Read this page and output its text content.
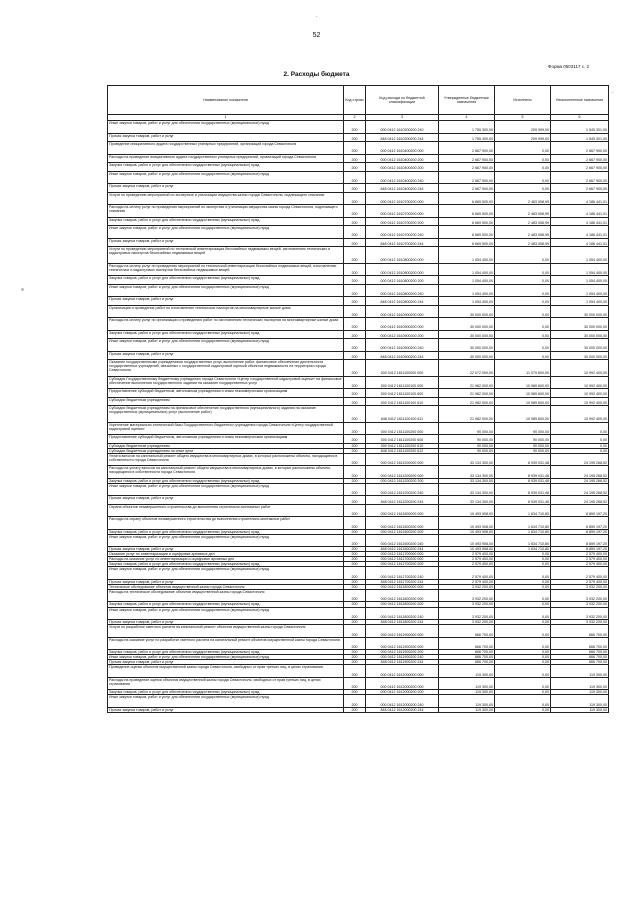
·
52
Форма 0503117 с. 2
2. Расходы бюджета
·
Наименование показателя	Код строки	Код расхода по бюджетной классификации	Утвержденные бюджетные назначения	Исполнено	Неисполненные назначения
1	2	3	4	5	6
Иные закупки товаров, работ и услуг для обеспечения государственных (муниципальных) нужд	200	000 0412 1610200200 240	1 755 300,00	209 999,00	1 545 301,00
Прочая закупка товаров, работ и услуг	200	848 0412 1610200200 244	1 755 300,00	209 999,00	1 545 301,00
Проведение инициативного аудита государственных унитарных предприятий, организаций города Севастополя	200	000 0412 1610400200 000	2 667 900,00	0,00	2 667 900,00
Расходы на проведение инициативного аудита государственных унитарных предприятий, организаций города Севастополя	200	000 0412 1610400200 200	2 667 900,00	0,00	2 667 900,00
Закупка товаров, работ и услуг для обеспечения государственных (муниципальных) нужд	200	000 0412 1610400200 200	2 667 900,00	0,00	2 667 900,00
Иные закупки товаров, работ и услуг для обеспечения государственных (муниципальных) нужд	200	000 0412 1610400200 240	2 667 900,00	0,00	2 667 900,00
Прочая закупка товаров, работ и услуг	200	848 0412 1610400200 244	2 667 900,00	0,00	2 667 900,00
Услуги по проведению мероприятий по экспертизе и утилизации имущества казны города Севастополя, подлежащего списанию	200	000 0412 1610700200 000	6 669 500,00	2 483 058,99	4 186 441,01
Расходы на оплату услуг по проведению мероприятий по экспертизе и утилизации имущества казны города Севастополя, подлежащего списанию	200	000 0412 1610700200 000	6 669 500,00	2 483 058,99	4 186 441,01
Закупка товаров, работ и услуг для обеспечения государственных (муниципальных) нужд	200	000 0412 1610700200 200	6 669 500,00	2 483 058,99	4 186 441,01
Иные закупки товаров, работ и услуг для обеспечения государственных (муниципальных) нужд	200	000 0412 1610700200 240	6 669 500,00	2 483 058,99	4 186 441,01
Прочая закупка товаров, работ и услуг	200	848 0412 1610700200 244	6 669 500,00	2 483 058,99	4 186 441,01
Услуги по проведению мероприятий по технической инвентаризации бесхозяйных недвижимых вещей, изготовлению технических и кадастровых паспортов бесхозяйных недвижимых вещей	200	000 0412 1610800200 000	1 054 400,00	0,00	1 054 400,00
Расходы на оплату услуг по проведению мероприятий по технической инвентаризации бесхозяйных недвижимых вещей, изготовлению технических и кадастровых паспортов бесхозяйных недвижимых вещей	200	000 0412 1610800200 000	1 054 400,00	0,00	1 054 400,00
Закупка товаров, работ и услуг для обеспечения государственных (муниципальных) нужд	200	000 0412 1610800200 200	1 054 400,00	0,00	1 054 400,00
Иные закупки товаров, работ и услуг для обеспечения государственных (муниципальных) нужд	200	000 0412 1610800200 240	1 054 400,00	0,00	1 054 400,00
Прочая закупка товаров, работ и услуг	200	848 0412 1610800200 244	1 054 400,00	0,00	1 054 400,00
Организация и проведение работ по изготовлению технических паспортов на многоквартирные жилые дома	200	000 0412 1610900200 000	30 000 000,00	0,00	30 000 000,00
Расходы на оплату услуг по организации и проведению работ по изготовлению технических паспортов на многоквартирные жилые дома	200	000 0412 1610900200 000	30 000 000,00	0,00	30 000 000,00
Закупка товаров, работ и услуг для обеспечения государственных (муниципальных) нужд	200	000 0412 1610900200 200	30 000 000,00	0,00	30 000 000,00
Иные закупки товаров, работ и услуг для обеспечения государственных (муниципальных) нужд	200	000 0412 1610900200 240	30 000 000,00	0,00	30 000 000,00
Прочая закупка товаров, работ и услуг	200	848 0412 1610900200 244	30 000 000,00	0,00	30 000 000,00
Оказание государственными учреждениями государственных услуг, выполнение работ, финансовое обеспечение деятельности государственных учреждений, связанных с государственной кадастровой оценкой объектов недвижимости на территории города Севастополя	200	000 0412 1611100000 000	22 072 000,00	11 079 600,00	10 992 400,00
Субсидия Государственному бюджетному учреждению города Севастополя «Центр государственной кадастровой оценки» на финансовое обеспечение выполнения государственного задания на оказание государственных услуг	200	000 0412 1611100100 000	21 982 000,00	10 989 600,00	10 992 400,00
Предоставление субсидий бюджетным, автономным учреждениям и иным некоммерческим организациям	200	000 0412 1611100100 600	21 982 000,00	10 989 600,00	10 992 400,00
Субсидии бюджетным учреждениям	200	000 0412 1611100100 610	21 982 000,00	10 989 600,00	10 992 400,00
Субсидии бюджетным учреждениям на финансовое обеспечение государственного (муниципального) задания на оказание государственных (муниципальных) услуг (выполнение работ)	200	848 0412 1611100100 611	21 982 000,00	10 989 600,00	10 992 400,00
Укрепление материально-технической базы Государственного бюджетного учреждения города Севастополя «Центр государственной кадастровой оценки»	200	000 0412 1611100200 000	90 000,00	90 000,00	0,00
Предоставление субсидий бюджетным, автономным учреждениям и иным некоммерческим организациям	200	000 0412 1611100200 600	90 000,00	90 000,00	0,00
Субсидии бюджетным учреждениям	200	000 0412 1611100200 610	90 000,00	90 000,00	0,00
Субсидии бюджетным учреждениям на иные цели	200	848 0412 1611100200 612	90 000,00	90 000,00	0,00
Уплата взносов на капитальный ремонт общего имущества в многоквартирных домах, в которых расположены объекты, находящиеся в собственности города Севастополя	200	000 0412 1611200000 000	33 134 300,00	8 939 031,48	24 195 268,52
Расходы на уплату взносов на капитальный ремонт общего имущества в многоквартирных домах, в которых расположены объекты, находящиеся в собственности города Севастополя	200	000 0412 1611200200 000	33 134 300,00	8 939 031,48	24 195 268,52
Закупка товаров, работ и услуг для обеспечения государственных (муниципальных) нужд	200	000 0412 1611200200 200	33 134 300,00	8 939 031,48	24 195 268,52
Иные закупки товаров, работ и услуг для обеспечения государственных (муниципальных) нужд	200	000 0412 1611200200 240	33 134 300,00	8 939 031,48	24 195 268,52
Прочая закупка товаров, работ и услуг	200	848 0412 1611200200 244	33 134 300,00	8 939 031,48	24 195 268,52
Охрана объектов незавершенного строительства до выполнения строительно-монтажных работ	200	000 0412 1611500000 000	10 493 908,00	1 634 710,80	8 859 197,20
Расходы на охрану объектов незавершенного строительства до выполнения строительно-монтажных работ	200	000 0412 1611500200 000	10 493 908,00	1 634 710,80	8 859 197,20
Закупка товаров, работ и услуг для обеспечения государственных (муниципальных) нужд	200	000 0412 1611500200 200	10 493 908,00	1 634 710,80	8 859 197,20
Иные закупки товаров, работ и услуг для обеспечения государственных (муниципальных) нужд	200	000 0412 1611500200 240	10 493 908,00	1 634 710,80	8 859 197,20
Прочая закупка товаров, работ и услуг	200	848 0412 1611500200 244	10 493 908,00	1 634 710,80	8 859 197,20
Оказание услуг по инвентаризации и оцифровке архивных дел	200	000 0412 1611700000 000	2 579 400,00	0,00	2 579 400,00
Расходы на оказание услуг по инвентаризации и оцифровке архивных дел	200	000 0412 1611700200 000	2 579 400,00	0,00	2 579 400,00
Закупка товаров, работ и услуг для обеспечения государственных (муниципальных) нужд	200	000 0412 1611700200 200	2 579 400,00	0,00	2 579 400,00
Иные закупки товаров, работ и услуг для обеспечения государственных (муниципальных) нужд	200	000 0412 1611700200 240	2 579 400,00	0,00	2 579 400,00
Прочая закупка товаров, работ и услуг	200	848 0412 1611700200 244	2 579 400,00	0,00	2 579 400,00
Техническое обследование объектов имущественной казны города Севастополя	200	000 0412 1611800000 000	3 932 200,00	0,00	3 932 200,00
Расходы на техническое обследование объектов имущественной казны города Севастополя	200	000 0412 1611800200 000	3 932 200,00	0,00	3 932 200,00
Закупка товаров, работ и услуг для обеспечения государственных (муниципальных) нужд	200	000 0412 1611800200 200	3 932 200,00	0,00	3 932 200,00
Иные закупки товаров, работ и услуг для обеспечения государственных (муниципальных) нужд	200	000 0412 1611800200 240	3 932 200,00	0,00	3 932 200,00
Прочая закупка товаров, работ и услуг	200	848 0412 1611800200 244	3 932 200,00	0,00	3 932 200,00
Услуги по разработке сметного расчета на капитальный ремонт объектов имущественной казны города Севастополя	200	000 0412 1611900000 000	666 700,00	0,00	666 700,00
Расходы на оказание услуг по разработке сметного расчета на капитальный ремонт объектов имущественной казны города Севастополя	200	000 0412 1611900200 000	666 700,00	0,00	666 700,00
Закупка товаров, работ и услуг для обеспечения государственных (муниципальных) нужд	200	000 0412 1611900200 200	666 700,00	0,00	666 700,00
Иные закупки товаров, работ и услуг для обеспечения государственных (муниципальных) нужд	200	000 0412 1611900200 240	666 700,00	0,00	666 700,00
Прочая закупка товаров, работ и услуг	200	848 0412 1611900200 244	666 700,00	0,00	666 700,00
Проведение оценки объектов имущественной казны города Севастополя, свободных от прав третьих лиц, в целях страхования	200	000 0412 1612000000 000	119 300,00	0,00	119 300,00
Расходы на проведение оценки объектов имущественной казны города Севастополя, свободных от прав третьих лиц, в целях страхования	200	000 0412 1612000200 000	119 300,00	0,00	119 300,00
Закупка товаров, работ и услуг для обеспечения государственных (муниципальных) нужд	200	000 0412 1612000200 200	119 300,00	0,00	119 300,00
Иные закупки товаров, работ и услуг для обеспечения государственных (муниципальных) нужд	200	000 0412 1612000200 240	119 300,00	0,00	119 300,00
Прочая закупка товаров, работ и услуг	200	848 0412 1612000200 244	119 300,00	0,00	119 300,00
